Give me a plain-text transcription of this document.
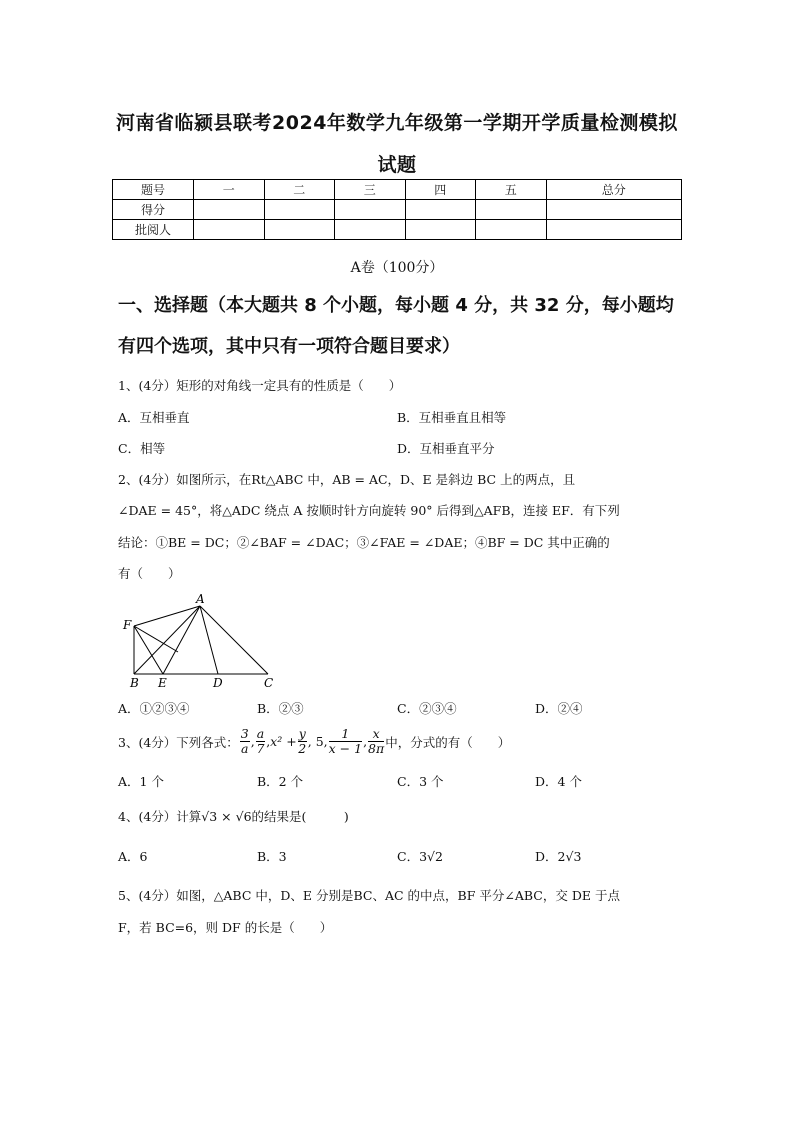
河南省临颍县联考2024年数学九年级第一学期开学质量检测模拟
试题
题号	一	二	三	四	五	总分
得分						
批阅人						
A卷（100分）
一、选择题（本大题共 8 个小题，每小题 4 分，共 32 分，每小题均
有四个选项，其中只有一项符合题目要求）
1、(4分）矩形的对角线一定具有的性质是（　　）
A．互相垂直	B．互相垂直且相等
C．相等	D．互相垂直平分
2、(4分）如图所示，在Rt△ABC 中，AB = AC，D、E 是斜边 BC 上的两点，且
∠DAE = 45°，将△ADC 绕点 A 按顺时针方向旋转 90° 后得到△AFB，连接 EF．有下列
结论：①BE = DC；②∠BAF = ∠DAC；③∠FAE = ∠DAE；④BF = DC 其中正确的
有（　　）
A
F
B E	D	C
A．①②③④	B．②③	C．②③④	D．②④
3、(4分）下列各式： $\frac{3}{a}$ , $\frac{a}{7}$ , $x^2 + \frac{y}{2}$ , 5, $\frac{1}{x - 1}$ , $\frac{x}{8\pi}$ 中，分式的有（　　）
A．1 个	B．2 个	C．3 个	D．4 个
4、(4分）计算√3 × √6的结果是(　　　)
A．6	B．3	C．3√2	D．2√3
5、(4分）如图，△ABC 中，D、E 分别是BC、AC 的中点，BF 平分∠ABC，交 DE 于点
F，若 BC=6，则 DF 的长是（　　）
